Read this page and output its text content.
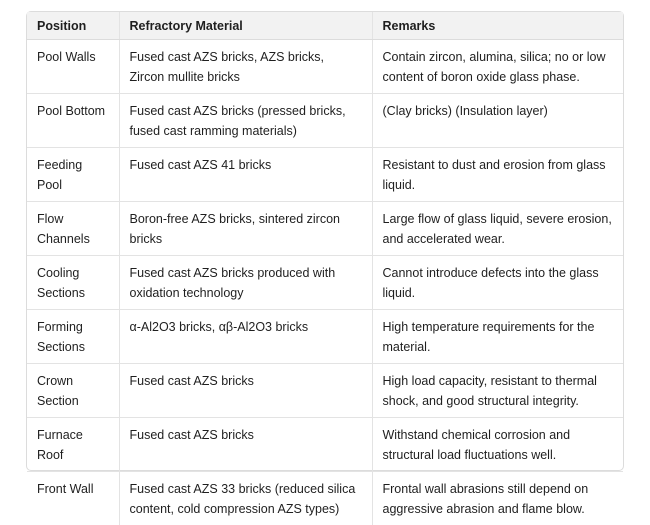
Position	Refractory Material	Remarks
Pool Walls	Fused cast AZS bricks, AZS bricks, Zircon mullite bricks	Contain zircon, alumina, silica; no or low content of boron oxide glass phase.
Pool Bottom	Fused cast AZS bricks (pressed bricks, fused cast ramming materials)	(Clay bricks) (Insulation layer)
Feeding Pool	Fused cast AZS 41 bricks	Resistant to dust and erosion from glass liquid.
Flow Channels	Boron-free AZS bricks, sintered zircon bricks	Large flow of glass liquid, severe erosion, and accelerated wear.
Cooling Sections	Fused cast AZS bricks produced with oxidation technology	Cannot introduce defects into the glass liquid.
Forming Sections	α-Al2O3 bricks, αβ-Al2O3 bricks	High temperature requirements for the material.
Crown Section	Fused cast AZS bricks	High load capacity, resistant to thermal shock, and good structural integrity.
Furnace Roof	Fused cast AZS bricks	Withstand chemical corrosion and structural load fluctuations well.
Front Wall	Fused cast AZS 33 bricks (reduced silica content, cold compression AZS types)	Frontal wall abrasions still depend on aggressive abrasion and flame blow.
